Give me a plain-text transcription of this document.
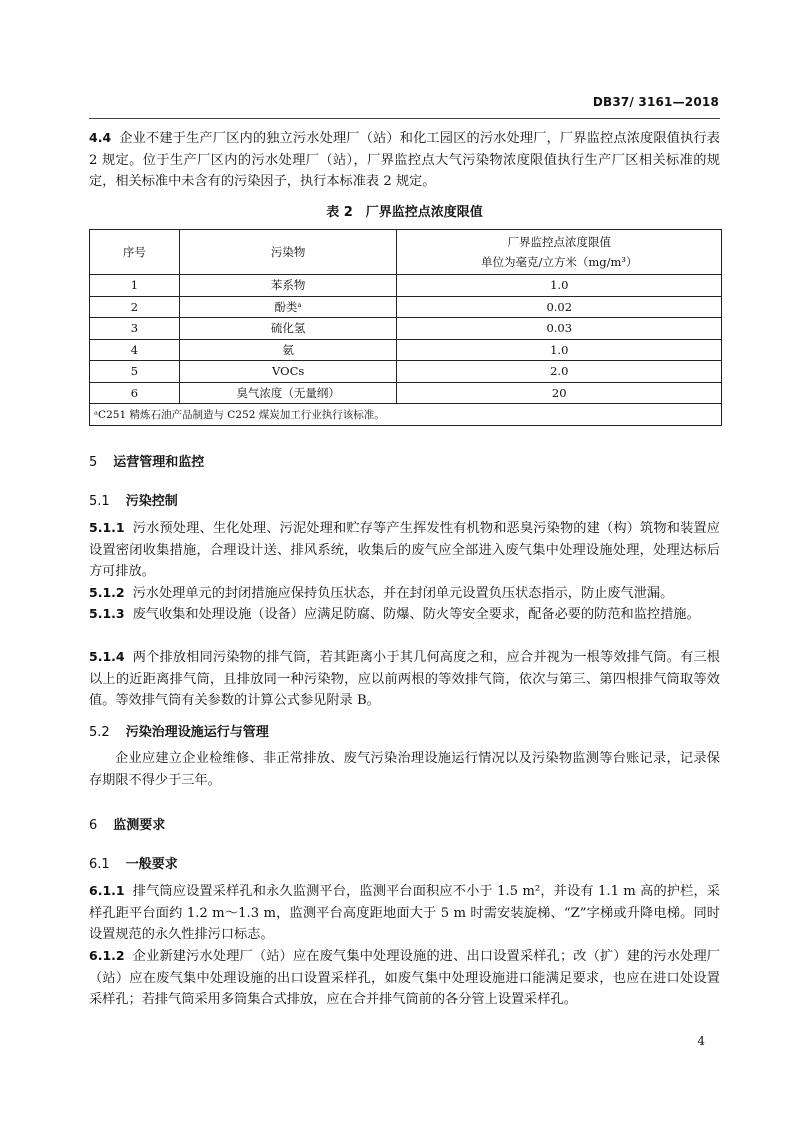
DB37/ 3161—2018
4.4 企业不建于生产厂区内的独立污水处理厂（站）和化工园区的污水处理厂，厂界监控点浓度限值执行表 2 规定。位于生产厂区内的污水处理厂（站），厂界监控点大气污染物浓度限值执行生产厂区相关标准的规定，相关标准中未含有的污染因子，执行本标准表 2 规定。
表 2　厂界监控点浓度限值
序号	污染物	厂界监控点浓度限值
单位为毫克/立方米（mg/m³）

1	苯系物	1.0
2	酚类ᵃ	0.02
3	硫化氢	0.03
4	氨	1.0
5	VOCs	2.0
6	臭气浓度（无量纲）	20
ᵃC251 精炼石油产品制造与 C252 煤炭加工行业执行该标准。		
5 运营管理和监控
5.1 污染控制
5.1.1 污水预处理、生化处理、污泥处理和贮存等产生挥发性有机物和恶臭污染物的建（构）筑物和装置应设置密闭收集措施，合理设计送、排风系统，收集后的废气应全部进入废气集中处理设施处理，处理达标后方可排放。
5.1.2 污水处理单元的封闭措施应保持负压状态，并在封闭单元设置负压状态指示，防止废气泄漏。
5.1.3 废气收集和处理设施（设备）应满足防腐、防爆、防火等安全要求，配备必要的防范和监控措施。
5.1.4 两个排放相同污染物的排气筒，若其距离小于其几何高度之和，应合并视为一根等效排气筒。有三根以上的近距离排气筒，且排放同一种污染物，应以前两根的等效排气筒，依次与第三、第四根排气筒取等效值。等效排气筒有关参数的计算公式参见附录 B。
5.2 污染治理设施运行与管理
企业应建立企业检维修、非正常排放、废气污染治理设施运行情况以及污染物监测等台账记录，记录保存期限不得少于三年。
6 监测要求
6.1 一般要求
6.1.1 排气筒应设置采样孔和永久监测平台，监测平台面积应不小于 1.5 m²，并设有 1.1 m 高的护栏，采样孔距平台面约 1.2 m～1.3 m，监测平台高度距地面大于 5 m 时需安装旋梯、“Z”字梯或升降电梯。同时设置规范的永久性排污口标志。
6.1.2 企业新建污水处理厂（站）应在废气集中处理设施的进、出口设置采样孔；改（扩）建的污水处理厂（站）应在废气集中处理设施的出口设置采样孔，如废气集中处理设施进口能满足要求，也应在进口处设置采样孔；若排气筒采用多筒集合式排放，应在合并排气筒前的各分管上设置采样孔。
4
